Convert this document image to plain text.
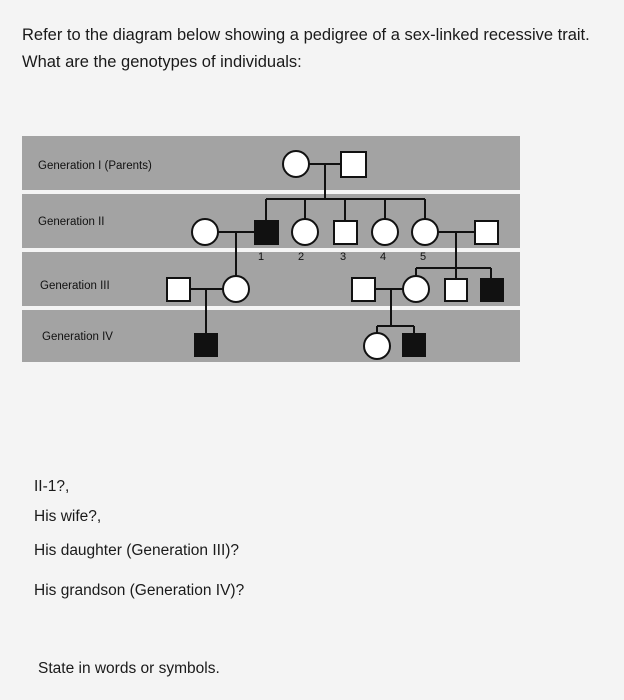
Refer to the diagram below showing a pedigree of a sex-linked recessive trait. What are the genotypes of individuals:

Generation I (Parents)
Generation II
Generation III
Generation IV
1	2	3	4	5

II-1?,

His wife?,

His daughter (Generation III)?

His grandson (Generation IV)?

State in words or symbols.
